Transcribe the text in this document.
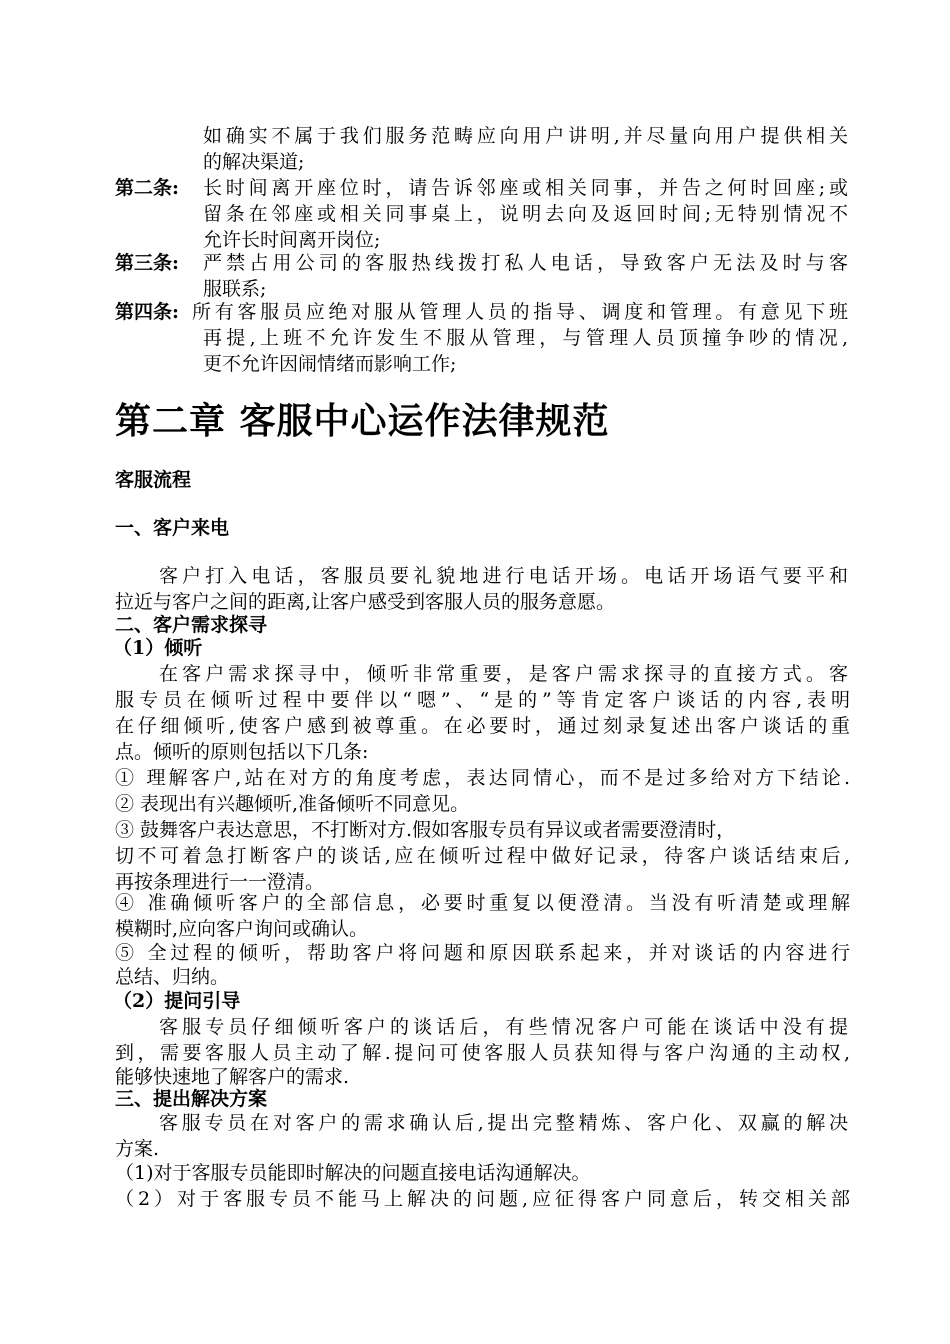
如确实不属于我们服务范畴应向用户讲明,并尽量向用户提供相关
的解决渠道;
第二条: 长时间离开座位时，请告诉邻座或相关同事，并告之何时回座;或
留条在邻座或相关同事桌上，说明去向及返回时间;无特别情况不
允许长时间离开岗位;
第三条: 严禁占用公司的客服热线拨打私人电话，导致客户无法及时与客
服联系;
第四条: 所有客服员应绝对服从管理人员的指导、调度和管理。有意见下班
再提,上班不允许发生不服从管理，与管理人员顶撞争吵的情况,
更不允许因闹情绪而影响工作;
第二章 客服中心运作法律规范
客服流程
一、客户来电
客户打入电话，客服员要礼貌地进行电话开场。电话开场语气要平和
拉近与客户之间的距离,让客户感受到客服人员的服务意愿。
二、客户需求探寻
（1）倾听
在客户需求探寻中，倾听非常重要，是客户需求探寻的直接方式。客
服专员在倾听过程中要伴以“嗯”、“是的”等肯定客户谈话的内容,表明
在仔细倾听,使客户感到被尊重。在必要时，通过刻录复述出客户谈话的重
点。倾听的原则包括以下几条:
① 理解客户,站在对方的角度考虑，表达同情心，而不是过多给对方下结论.
② 表现出有兴趣倾听,准备倾听不同意见。
③ 鼓舞客户表达意思，不打断对方.假如客服专员有异议或者需要澄清时，
切不可着急打断客户的谈话,应在倾听过程中做好记录，待客户谈话结束后,
再按条理进行一一澄清。
④ 准确倾听客户的全部信息，必要时重复以便澄清。当没有听清楚或理解
模糊时,应向客户询问或确认。
⑤ 全过程的倾听，帮助客户将问题和原因联系起来，并对谈话的内容进行
总结、归纳。
（2）提问引导
客服专员仔细倾听客户的谈话后，有些情况客户可能在谈话中没有提
到，需要客服人员主动了解.提问可使客服人员获知得与客户沟通的主动权,
能够快速地了解客户的需求.
三、提出解决方案
客服专员在对客户的需求确认后,提出完整精炼、客户化、双赢的解决
方案.
（1)对于客服专员能即时解决的问题直接电话沟通解决。
（2）对于客服专员不能马上解决的问题,应征得客户同意后，转交相关部
